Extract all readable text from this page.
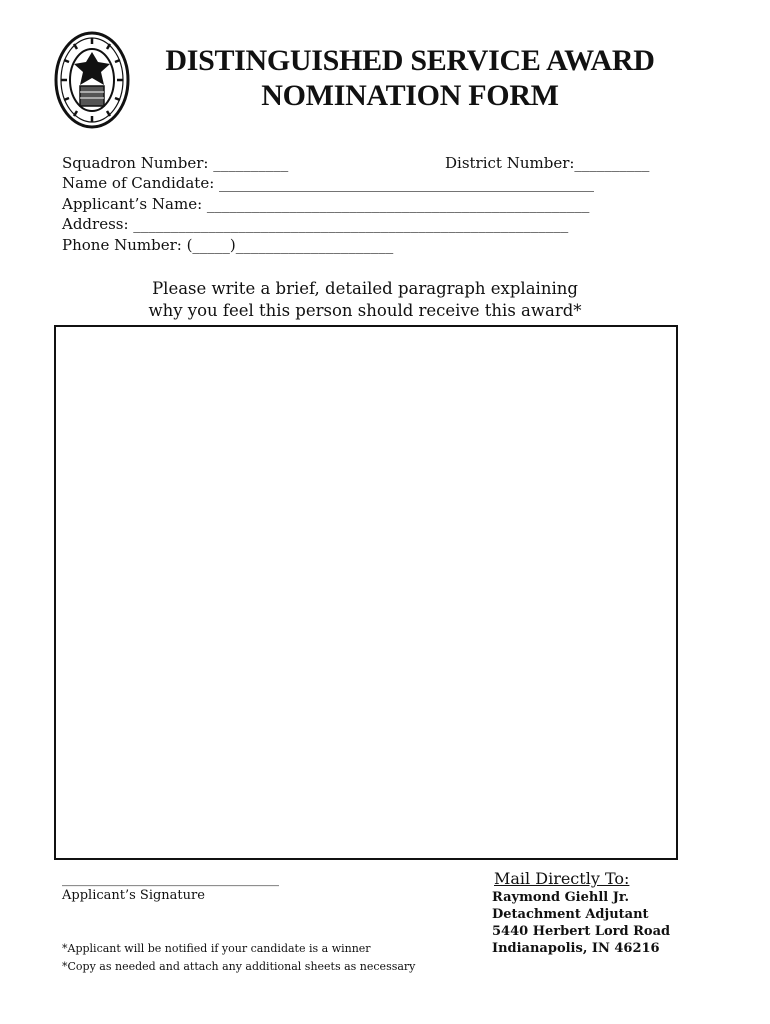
DISTINGUISHED SERVICE AWARD
NOMINATION FORM
Squadron Number: __________	District Number:__________
Name of Candidate: __________________________________________________
Applicant’s Name: ___________________________________________________
Address: __________________________________________________________
Phone Number: (_____)_____________________
Please write a brief, detailed paragraph explaining
why you feel this person should receive this award*
_______________________________
Applicant’s Signature
*Applicant will be notified if your candidate is a winner
*Copy as needed and attach any additional sheets as necessary
Mail Directly To:
Raymond Giehll Jr.
Detachment Adjutant
5440 Herbert Lord Road
Indianapolis, IN 46216
